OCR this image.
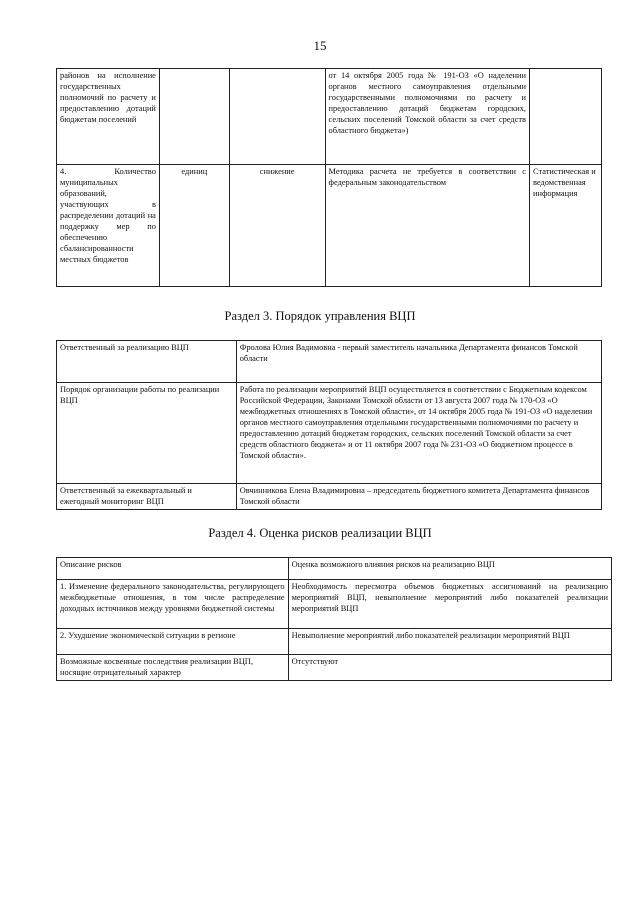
15
районов на исполнение государственных полномочий по расчету и предоставлению дотаций бюджетам поселений			от 14 октября 2005 года № 191-ОЗ «О наделении органов местного самоуправления отдельными государственными полномочиями по расчету и предоставлению дотаций бюджетам городских, сельских поселений Томской области за счет средств областного бюджета»)	
4. Количество муниципальных образований, участвующих в распределении дотаций на поддержку мер по обеспечению сбалансированности местных бюджетов	единиц	снижение	Методика расчета не требуется в соответствии с федеральным законодательством	Статистическая и ведомственная информация
Раздел 3. Порядок управления ВЦП
Ответственный за реализацию ВЦП	Фролова Юлия Вадимовна - первый заместитель начальника Департамента финансов Томской области
Порядок организации работы по реализации ВЦП	Работа по реализации мероприятий ВЦП осуществляется в соответствии с Бюджетным кодексом Российской Федерации, Законами Томской области от 13 августа 2007 года № 170-ОЗ «О межбюджетных отношениях в Томской области», от 14 октября 2005 года № 191-ОЗ «О наделении органов местного самоуправления отдельными государственными полномочиями по расчету и предоставлению дотаций бюджетам городских, сельских поселений Томской области за счет средств областного бюджета» и от 11 октября 2007 года № 231-ОЗ «О бюджетном процессе в Томской области».
Ответственный за ежеквартальный и ежегодный мониторинг ВЦП	Овчинникова Елена Владимировна – председатель бюджетного комитета Департамента финансов Томской области
Раздел 4. Оценка рисков реализации ВЦП
Описание рисков	Оценка возможного влияния рисков на реализацию ВЦП
1. Изменение федерального законодательства, регулирующего межбюджетные отношения, в том числе распределение доходных источников между уровнями бюджетной системы	Необходимость пересмотра объемов бюджетных ассигнований на реализацию мероприятий ВЦП, невыполнение мероприятий либо показателей реализации мероприятий ВЦП
2. Ухудшение экономической ситуации в регионе	Невыполнение мероприятий либо показателей реализации мероприятий ВЦП
Возможные косвенные последствия реализации ВЦП, носящие отрицательный характер	Отсутствуют
